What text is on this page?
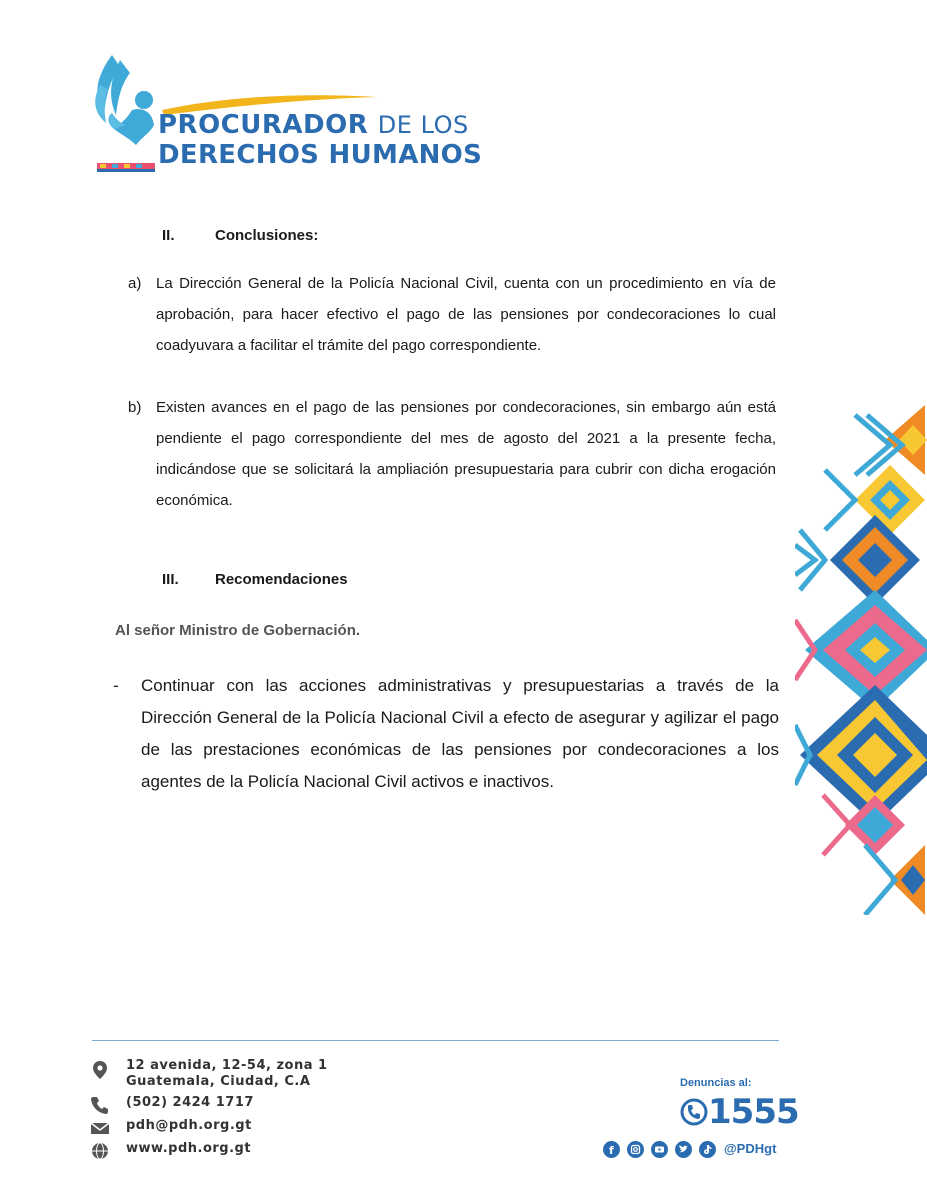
PROCURADOR DE LOS
DERECHOS HUMANOS
II.	Conclusiones:
a) La Dirección General de la Policía Nacional Civil, cuenta con un procedimiento en vía de aprobación, para hacer efectivo el pago de las pensiones por condecoraciones lo cual coadyuvara a facilitar el trámite del pago correspondiente.
b) Existen avances en el pago de las pensiones por condecoraciones, sin embargo aún está pendiente el pago correspondiente del mes de agosto del 2021 a la presente fecha, indicándose que se solicitará la ampliación presupuestaria para cubrir con dicha erogación económica.
III. Recomendaciones
Al señor Ministro de Gobernación.
- Continuar con las acciones administrativas y presupuestarias a través de la Dirección General de la Policía Nacional Civil a efecto de asegurar y agilizar el pago de las prestaciones económicas de las pensiones por condecoraciones a los agentes de la Policía Nacional Civil activos e inactivos.
12 avenida, 12-54, zona 1
Guatemala, Ciudad, C.A
(502) 2424 1717
pdh@pdh.org.gt
www.pdh.org.gt
Denuncias al:
1555
f	@PDHgt
